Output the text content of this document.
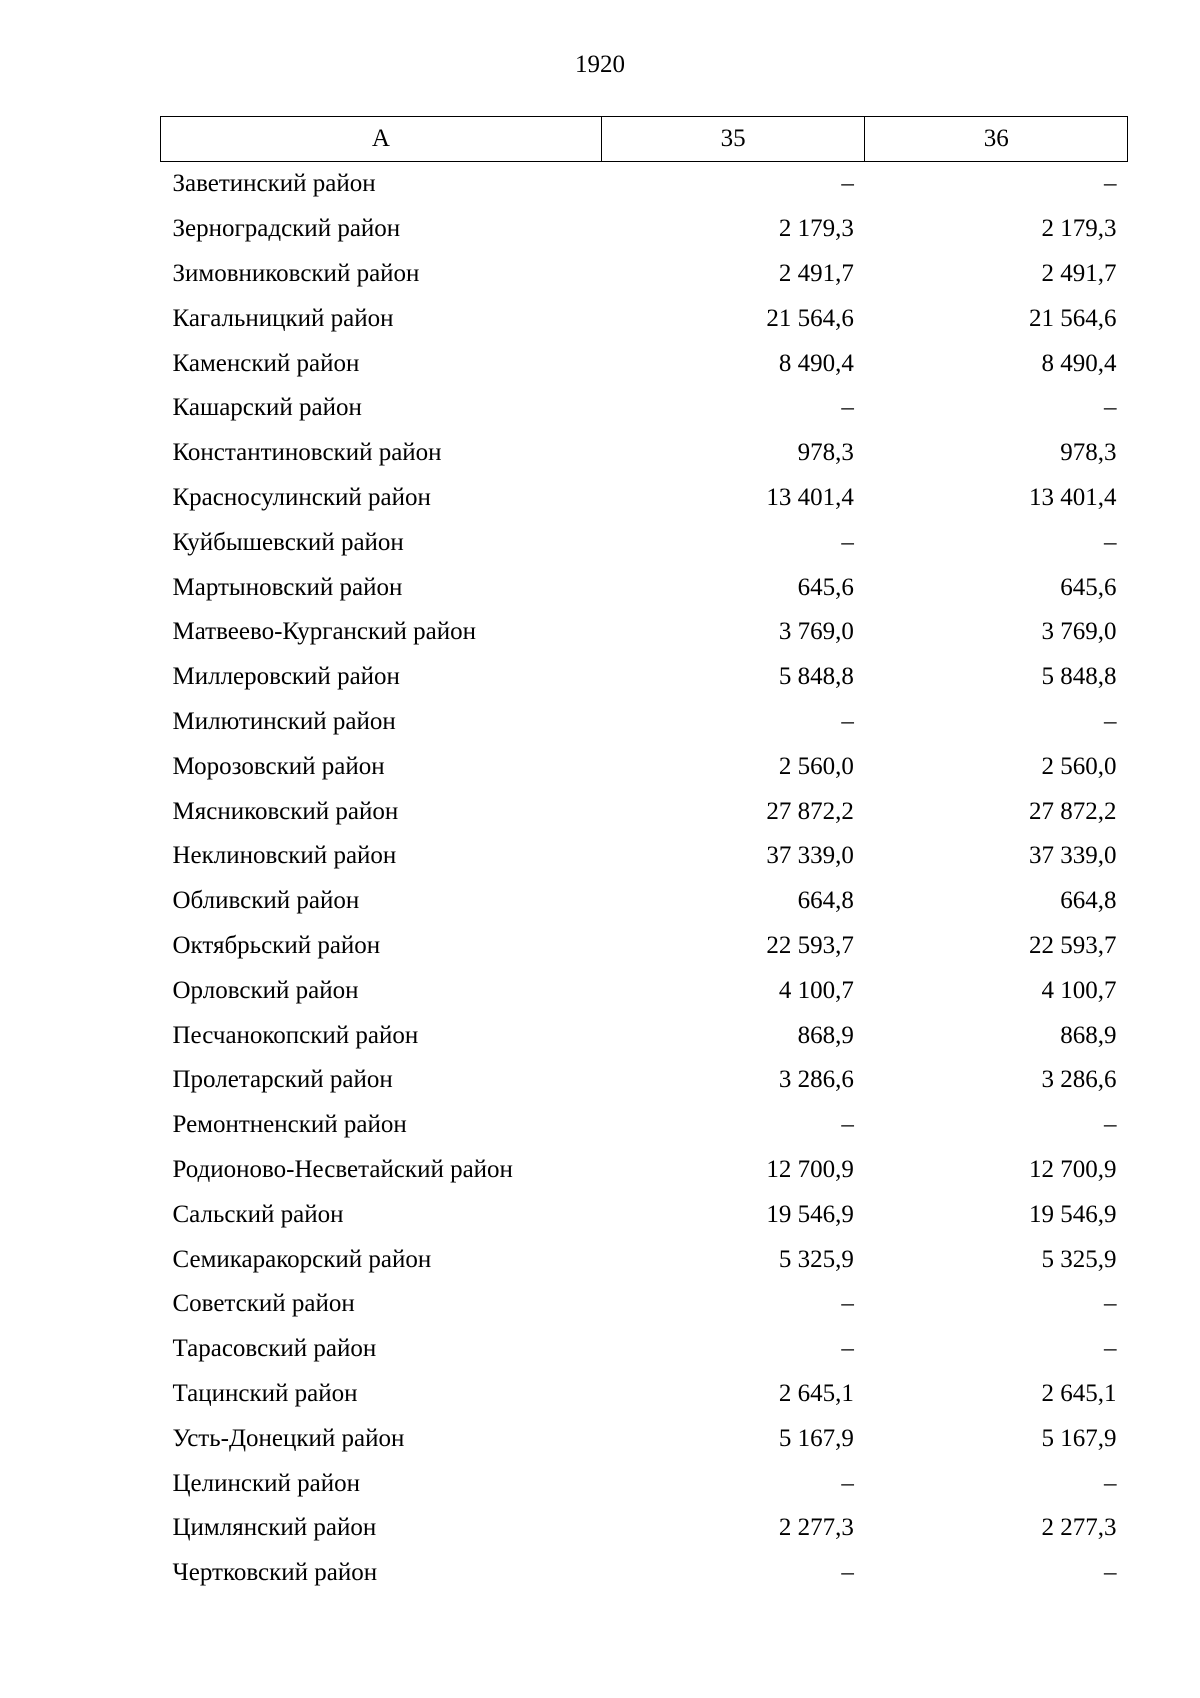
1920
А	35	36
Заветинский район	–	–
Зерноградский район	2 179,3	2 179,3
Зимовниковский район	2 491,7	2 491,7
Кагальницкий район	21 564,6	21 564,6
Каменский район	8 490,4	8 490,4
Кашарский район	–	–
Константиновский район	978,3	978,3
Красносулинский район	13 401,4	13 401,4
Куйбышевский район	–	–
Мартыновский район	645,6	645,6
Матвеево-Курганский район	3 769,0	3 769,0
Миллеровский район	5 848,8	5 848,8
Милютинский район	–	–
Морозовский район	2 560,0	2 560,0
Мясниковский район	27 872,2	27 872,2
Неклиновский район	37 339,0	37 339,0
Обливский район	664,8	664,8
Октябрьский район	22 593,7	22 593,7
Орловский район	4 100,7	4 100,7
Песчанокопский район	868,9	868,9
Пролетарский район	3 286,6	3 286,6
Ремонтненский район	–	–
Родионово-Несветайский район	12 700,9	12 700,9
Сальский район	19 546,9	19 546,9
Семикаракорский район	5 325,9	5 325,9
Советский район	–	–
Тарасовский район	–	–
Тацинский район	2 645,1	2 645,1
Усть-Донецкий район	5 167,9	5 167,9
Целинский район	–	–
Цимлянский район	2 277,3	2 277,3
Чертковский район	–	–
